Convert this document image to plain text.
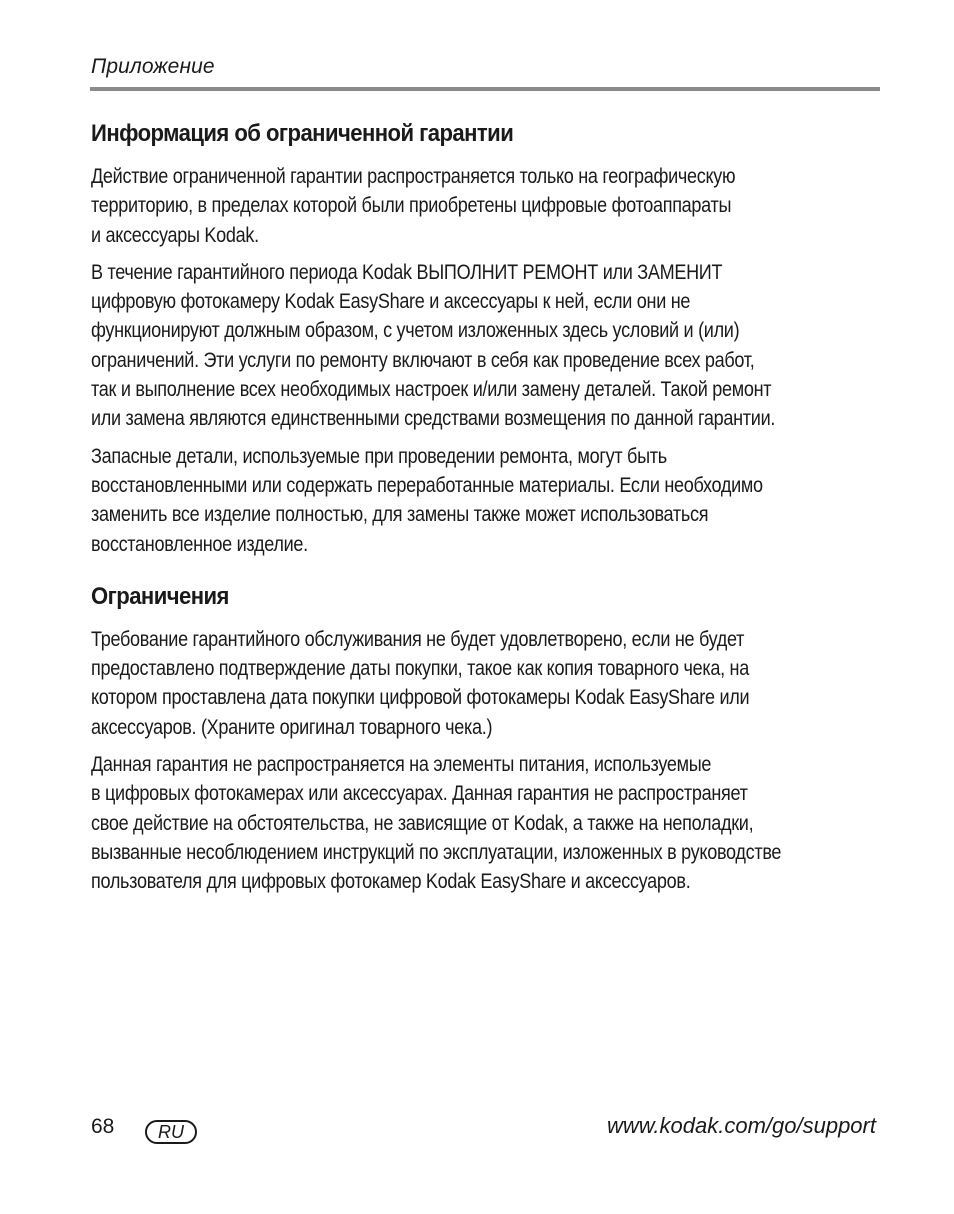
Приложение
Информация об ограниченной гарантии
Действие ограниченной гарантии распространяется только на географическую
территорию, в пределах которой были приобретены цифровые фотоаппараты
и аксессуары Kodak.
В течение гарантийного периода Kodak ВЫПОЛНИТ РЕМОНТ или ЗАМЕНИТ
цифровую фотокамеру Kodak EasyShare и аксессуары к ней, если они не
функционируют должным образом, с учетом изложенных здесь условий и (или)
ограничений. Эти услуги по ремонту включают в себя как проведение всех работ,
так и выполнение всех необходимых настроек и/или замену деталей. Такой ремонт
или замена являются единственными средствами возмещения по данной гарантии.
Запасные детали, используемые при проведении ремонта, могут быть
восстановленными или содержать переработанные материалы. Если необходимо
заменить все изделие полностью, для замены также может использоваться
восстановленное изделие.
Ограничения
Требование гарантийного обслуживания не будет удовлетворено, если не будет
предоставлено подтверждение даты покупки, такое как копия товарного чека, на
котором проставлена дата покупки цифровой фотокамеры Kodak EasyShare или
аксессуаров. (Храните оригинал товарного чека.)
Данная гарантия не распространяется на элементы питания, используемые
в цифровых фотокамерах или аксессуарах. Данная гарантия не распространяет
свое действие на обстоятельства, не зависящие от Kodak, а также на неполадки,
вызванные несоблюдением инструкций по эксплуатации, изложенных в руководстве
пользователя для цифровых фотокамер Kodak EasyShare и аксессуаров.
68	RU	www.kodak.com/go/support
